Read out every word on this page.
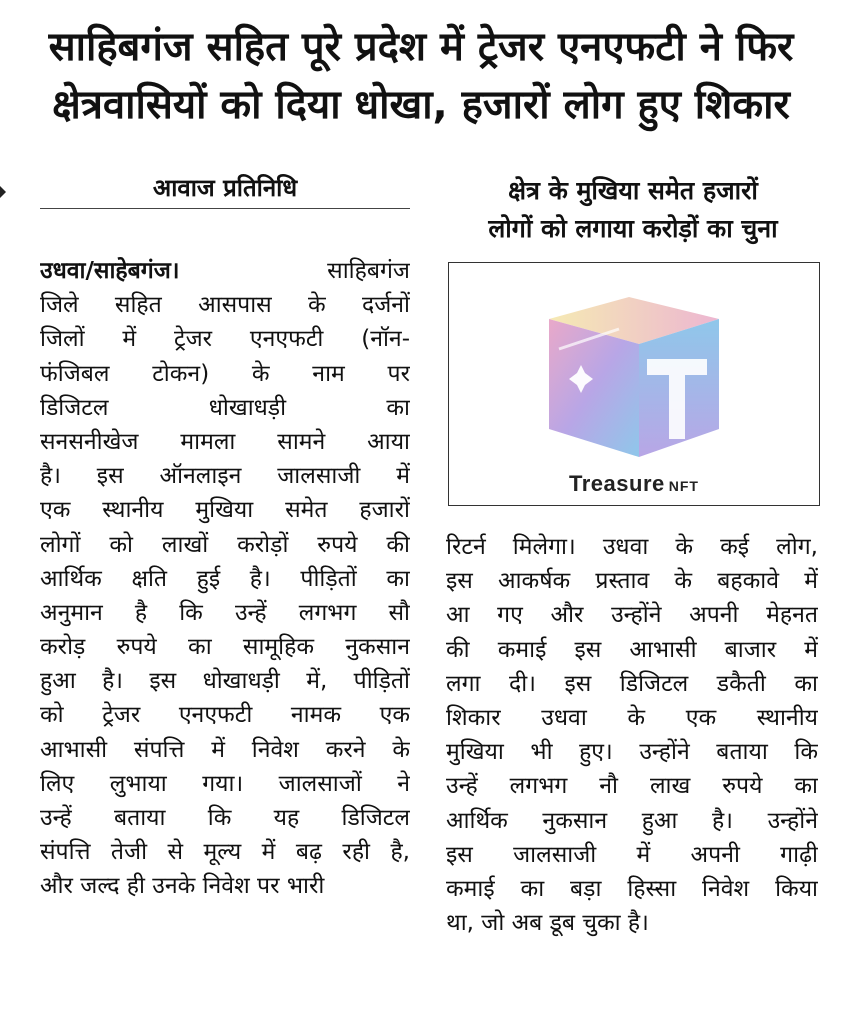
साहिबगंज सहित पूरे प्रदेश में ट्रेजर एनएफटी ने फिर
क्षेत्रवासियों को दिया धोखा, हजारों लोग हुए शिकार
आवाज प्रतिनिधि
उधवा/साहेबगंज।	साहिबगंज
जिले सहित आसपास के दर्जनों
जिलों में ट्रेजर एनएफटी (नॉन-
फंजिबल टोकन) के नाम पर
डिजिटल धोखाधड़ी का
सनसनीखेज मामला सामने आया
है। इस ऑनलाइन जालसाजी में
एक स्थानीय मुखिया समेत हजारों
लोगों को लाखों करोड़ों रुपये की
आर्थिक क्षति हुई है। पीड़ितों का
अनुमान है कि उन्हें लगभग सौ
करोड़ रुपये का सामूहिक नुकसान
हुआ है। इस धोखाधड़ी में, पीड़ितों
को ट्रेजर एनएफटी नामक एक
आभासी संपत्ति में निवेश करने के
लिए लुभाया गया। जालसाजों ने
उन्हें बताया कि यह डिजिटल
संपत्ति तेजी से मूल्य में बढ़ रही है,
और जल्द ही उनके निवेश पर भारी
क्षेत्र के मुखिया समेत हजारों
लोगों को लगाया करोड़ों का चुना
Treasure NFT
रिटर्न मिलेगा। उधवा के कई लोग,
इस आकर्षक प्रस्ताव के बहकावे में
आ गए और उन्होंने अपनी मेहनत
की कमाई इस आभासी बाजार में
लगा दी। इस डिजिटल डकैती का
शिकार उधवा के एक स्थानीय
मुखिया भी हुए। उन्होंने बताया कि
उन्हें लगभग नौ लाख रुपये का
आर्थिक नुकसान हुआ है। उन्होंने
इस जालसाजी में अपनी गाढ़ी
कमाई का बड़ा हिस्सा निवेश किया
था, जो अब डूब चुका है।
